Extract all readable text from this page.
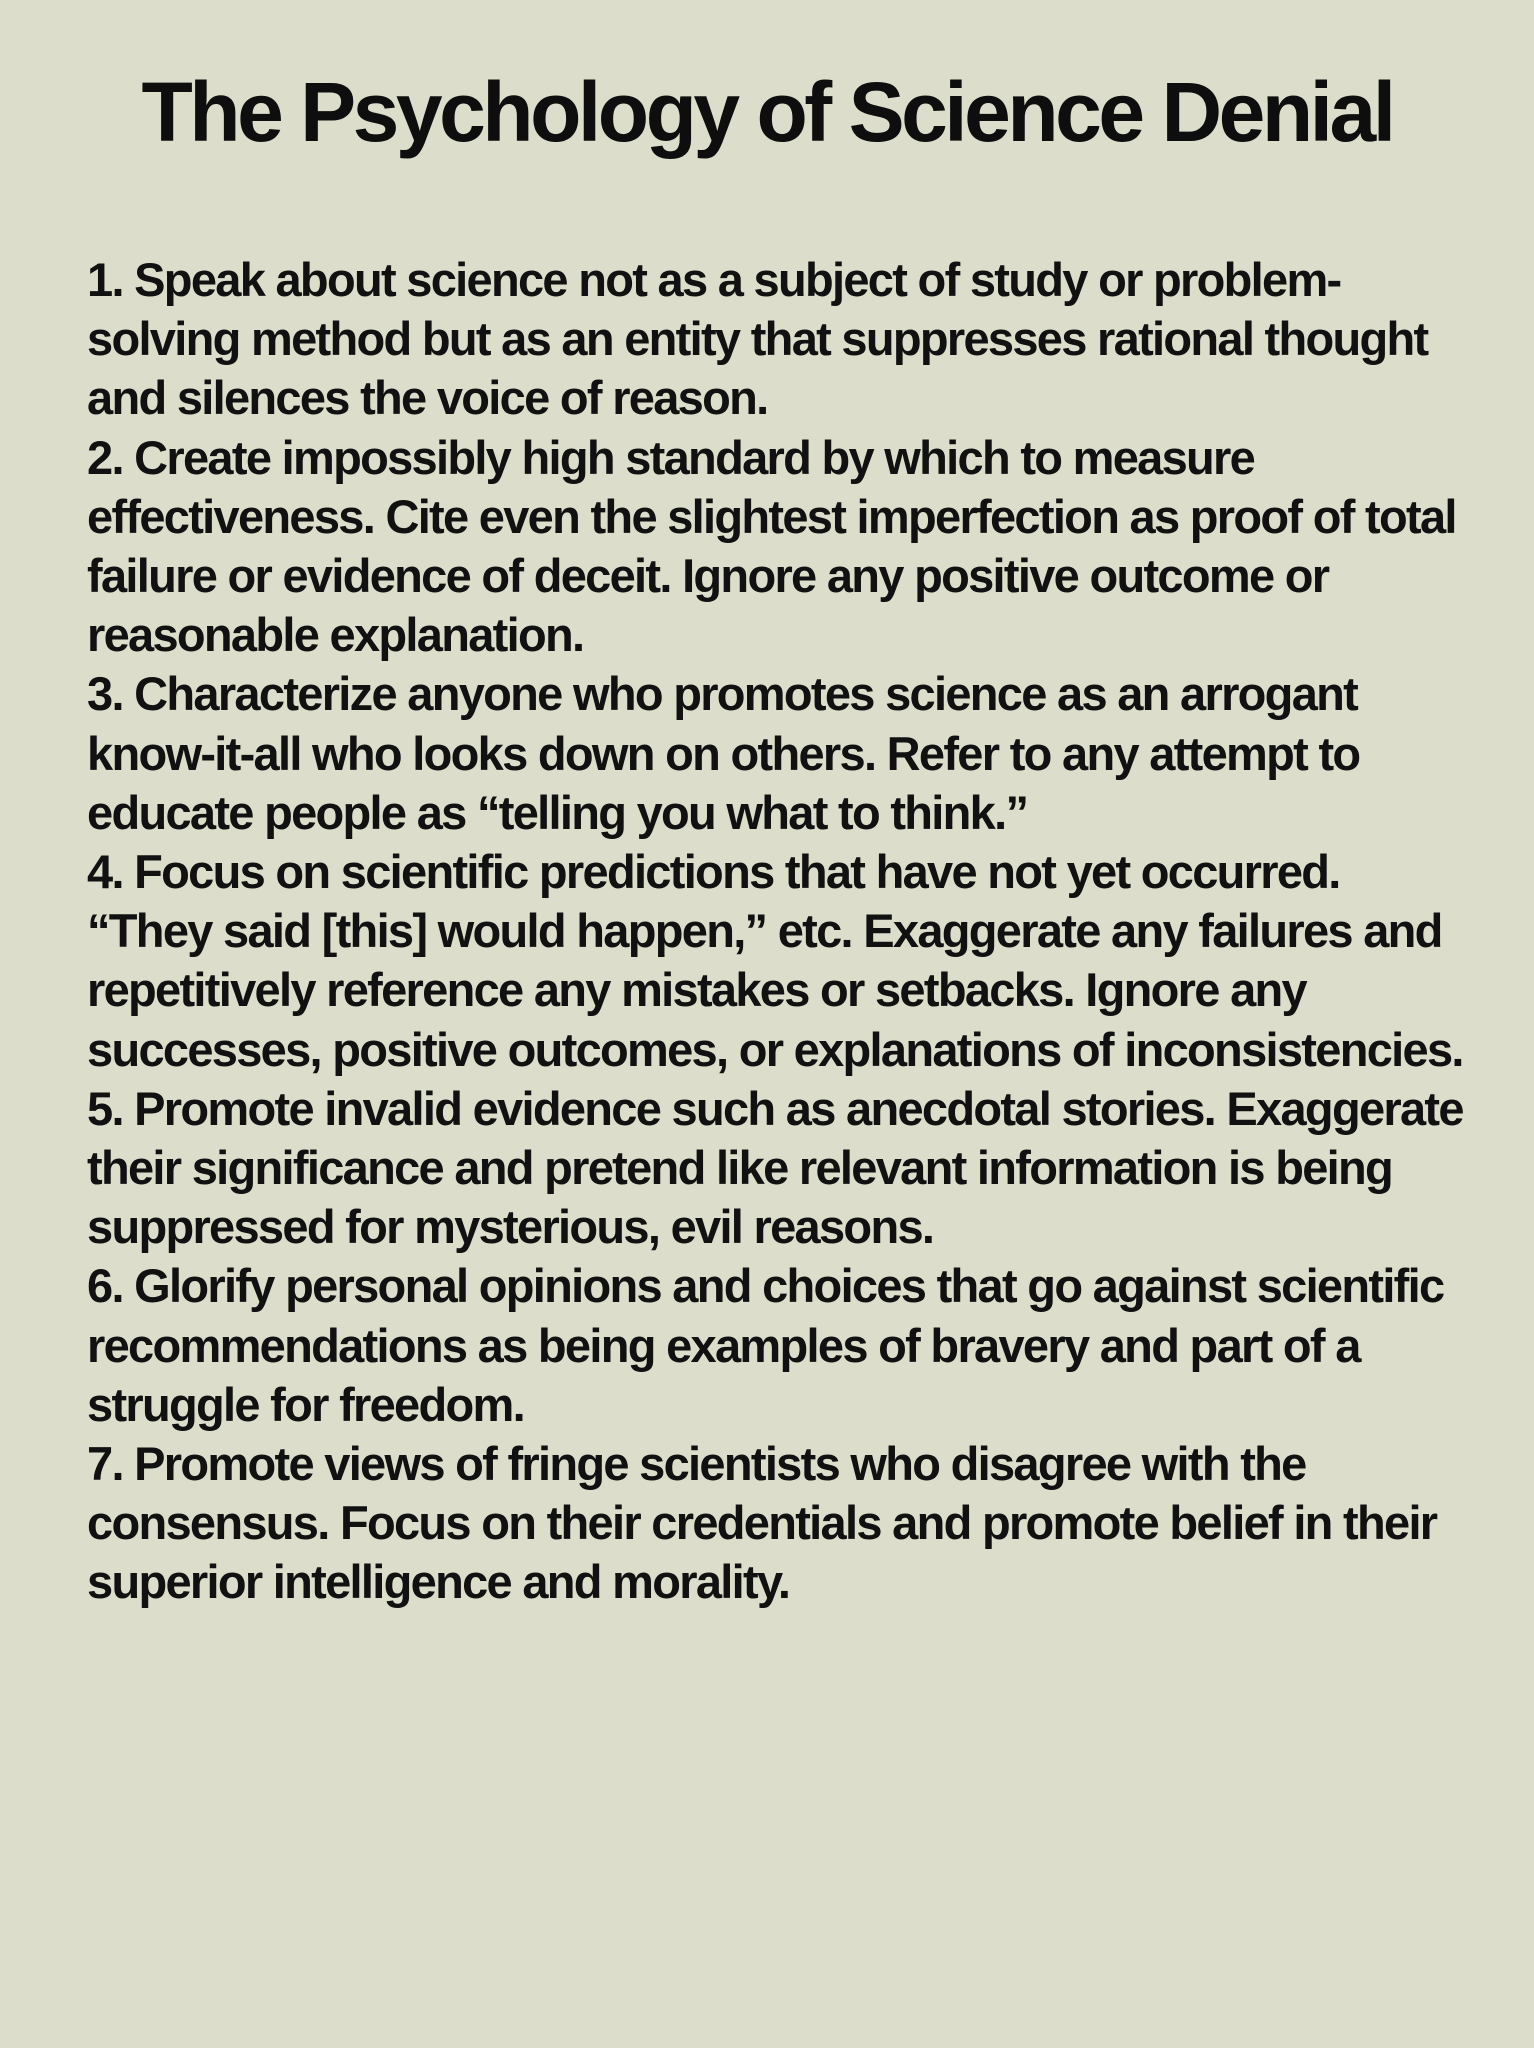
The Psychology of Science Denial
1. Speak about science not as a subject of study or problem-solving method but as an entity that suppresses rational thought and silences the voice of reason.
2. Create impossibly high standard by which to measure effectiveness. Cite even the slightest imperfection as proof of total failure or evidence of deceit. Ignore any positive outcome or reasonable explanation.
3. Characterize anyone who promotes science as an arrogant know-it-all who looks down on others. Refer to any attempt to educate people as “telling you what to think.”
4. Focus on scientific predictions that have not yet occurred. “They said [this] would happen,” etc. Exaggerate any failures and repetitively reference any mistakes or setbacks. Ignore any successes, positive outcomes, or explanations of inconsistencies.
5. Promote invalid evidence such as anecdotal stories. Exaggerate their significance and pretend like relevant information is being suppressed for mysterious, evil reasons.
6. Glorify personal opinions and choices that go against scientific recommendations as being examples of bravery and part of a struggle for freedom.
7. Promote views of fringe scientists who disagree with the consensus. Focus on their credentials and promote belief in their superior intelligence and morality.
